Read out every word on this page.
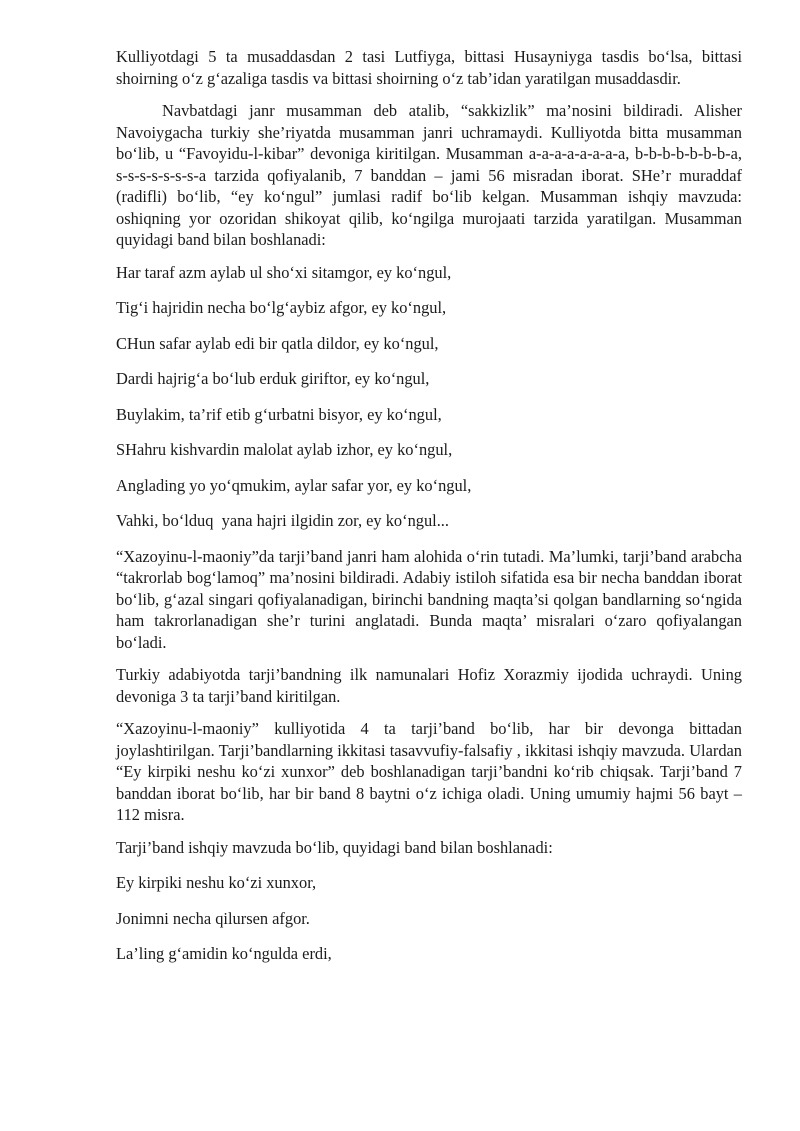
Kulliyotdagi 5 ta musaddasdan 2 tasi Lutfiyga, bittasi Husayniyga tasdis bo‘lsa, bittasi shoirning o‘z g‘azaliga tasdis va bittasi shoirning o‘z tab’idan yaratilgan musaddasdir.

Navbatdagi janr musamman deb atalib, “sakkizlik” ma’nosini bildiradi. Alisher Navoiygacha turkiy she’riyatda musamman janri uchramaydi. Kulliyotda bitta musamman bo‘lib, u “Favoyidu-l-kibar” devoniga kiritilgan. Musamman a-a-a-a-a-a-a-a, b-b-b-b-b-b-b-a, s-s-s-s-s-s-s-a tarzida qofiyalanib, 7 banddan – jami 56 misradan iborat. SHe’r muraddaf (radifli) bo‘lib, “ey ko‘ngul” jumlasi radif bo‘lib kelgan. Musamman ishqiy mavzuda: oshiqning yor ozoridan shikoyat qilib, ko‘ngilga murojaati tarzida yaratilgan. Musamman quyidagi band bilan boshlanadi:

Har taraf azm aylab ul sho‘xi sitamgor, ey ko‘ngul,

Tig‘i hajridin necha bo‘lg‘aybiz afgor, ey ko‘ngul,

CHun safar aylab edi bir qatla dildor, ey ko‘ngul,

Dardi hajrig‘a bo‘lub erduk giriftor, ey ko‘ngul,

Buylakim, ta’rif etib g‘urbatni bisyor, ey ko‘ngul,

SHahru kishvardin malolat aylab izhor, ey ko‘ngul,

Anglading yo yo‘qmukim, aylar safar yor, ey ko‘ngul,

Vahki, bo‘lduq  yana hajri ilgidin zor, ey ko‘ngul...

“Xazoyinu-l-maoniy”da tarji’band janri ham alohida o‘rin tutadi. Ma’lumki, tarji’band arabcha “takrorlab bog‘lamoq” ma’nosini bildiradi. Adabiy istiloh sifatida esa bir necha banddan iborat bo‘lib, g‘azal singari qofiyalanadigan, birinchi bandning maqta’si qolgan bandlarning so‘ngida ham takrorlanadigan she’r turini anglatadi. Bunda maqta’ misralari o‘zaro qofiyalangan bo‘ladi.

Turkiy adabiyotda tarji’bandning ilk namunalari Hofiz Xorazmiy ijodida uchraydi. Uning devoniga 3 ta tarji’band kiritilgan.

“Xazoyinu-l-maoniy” kulliyotida 4 ta tarji’band bo‘lib, har bir devonga bittadan joylashtirilgan. Tarji’bandlarning ikkitasi tasavvufiy-falsafiy , ikkitasi ishqiy mavzuda. Ulardan “Ey kirpiki neshu ko‘zi xunxor” deb boshlanadigan tarji’bandni ko‘rib chiqsak. Tarji’band 7 banddan iborat bo‘lib, har bir band 8 baytni o‘z ichiga oladi. Uning umumiy hajmi 56 bayt – 112 misra.

Tarji’band ishqiy mavzuda bo‘lib, quyidagi band bilan boshlanadi:

Ey kirpiki neshu ko‘zi xunxor,

Jonimni necha qilursen afgor.

La’ling g‘amidin ko‘ngulda erdi,
